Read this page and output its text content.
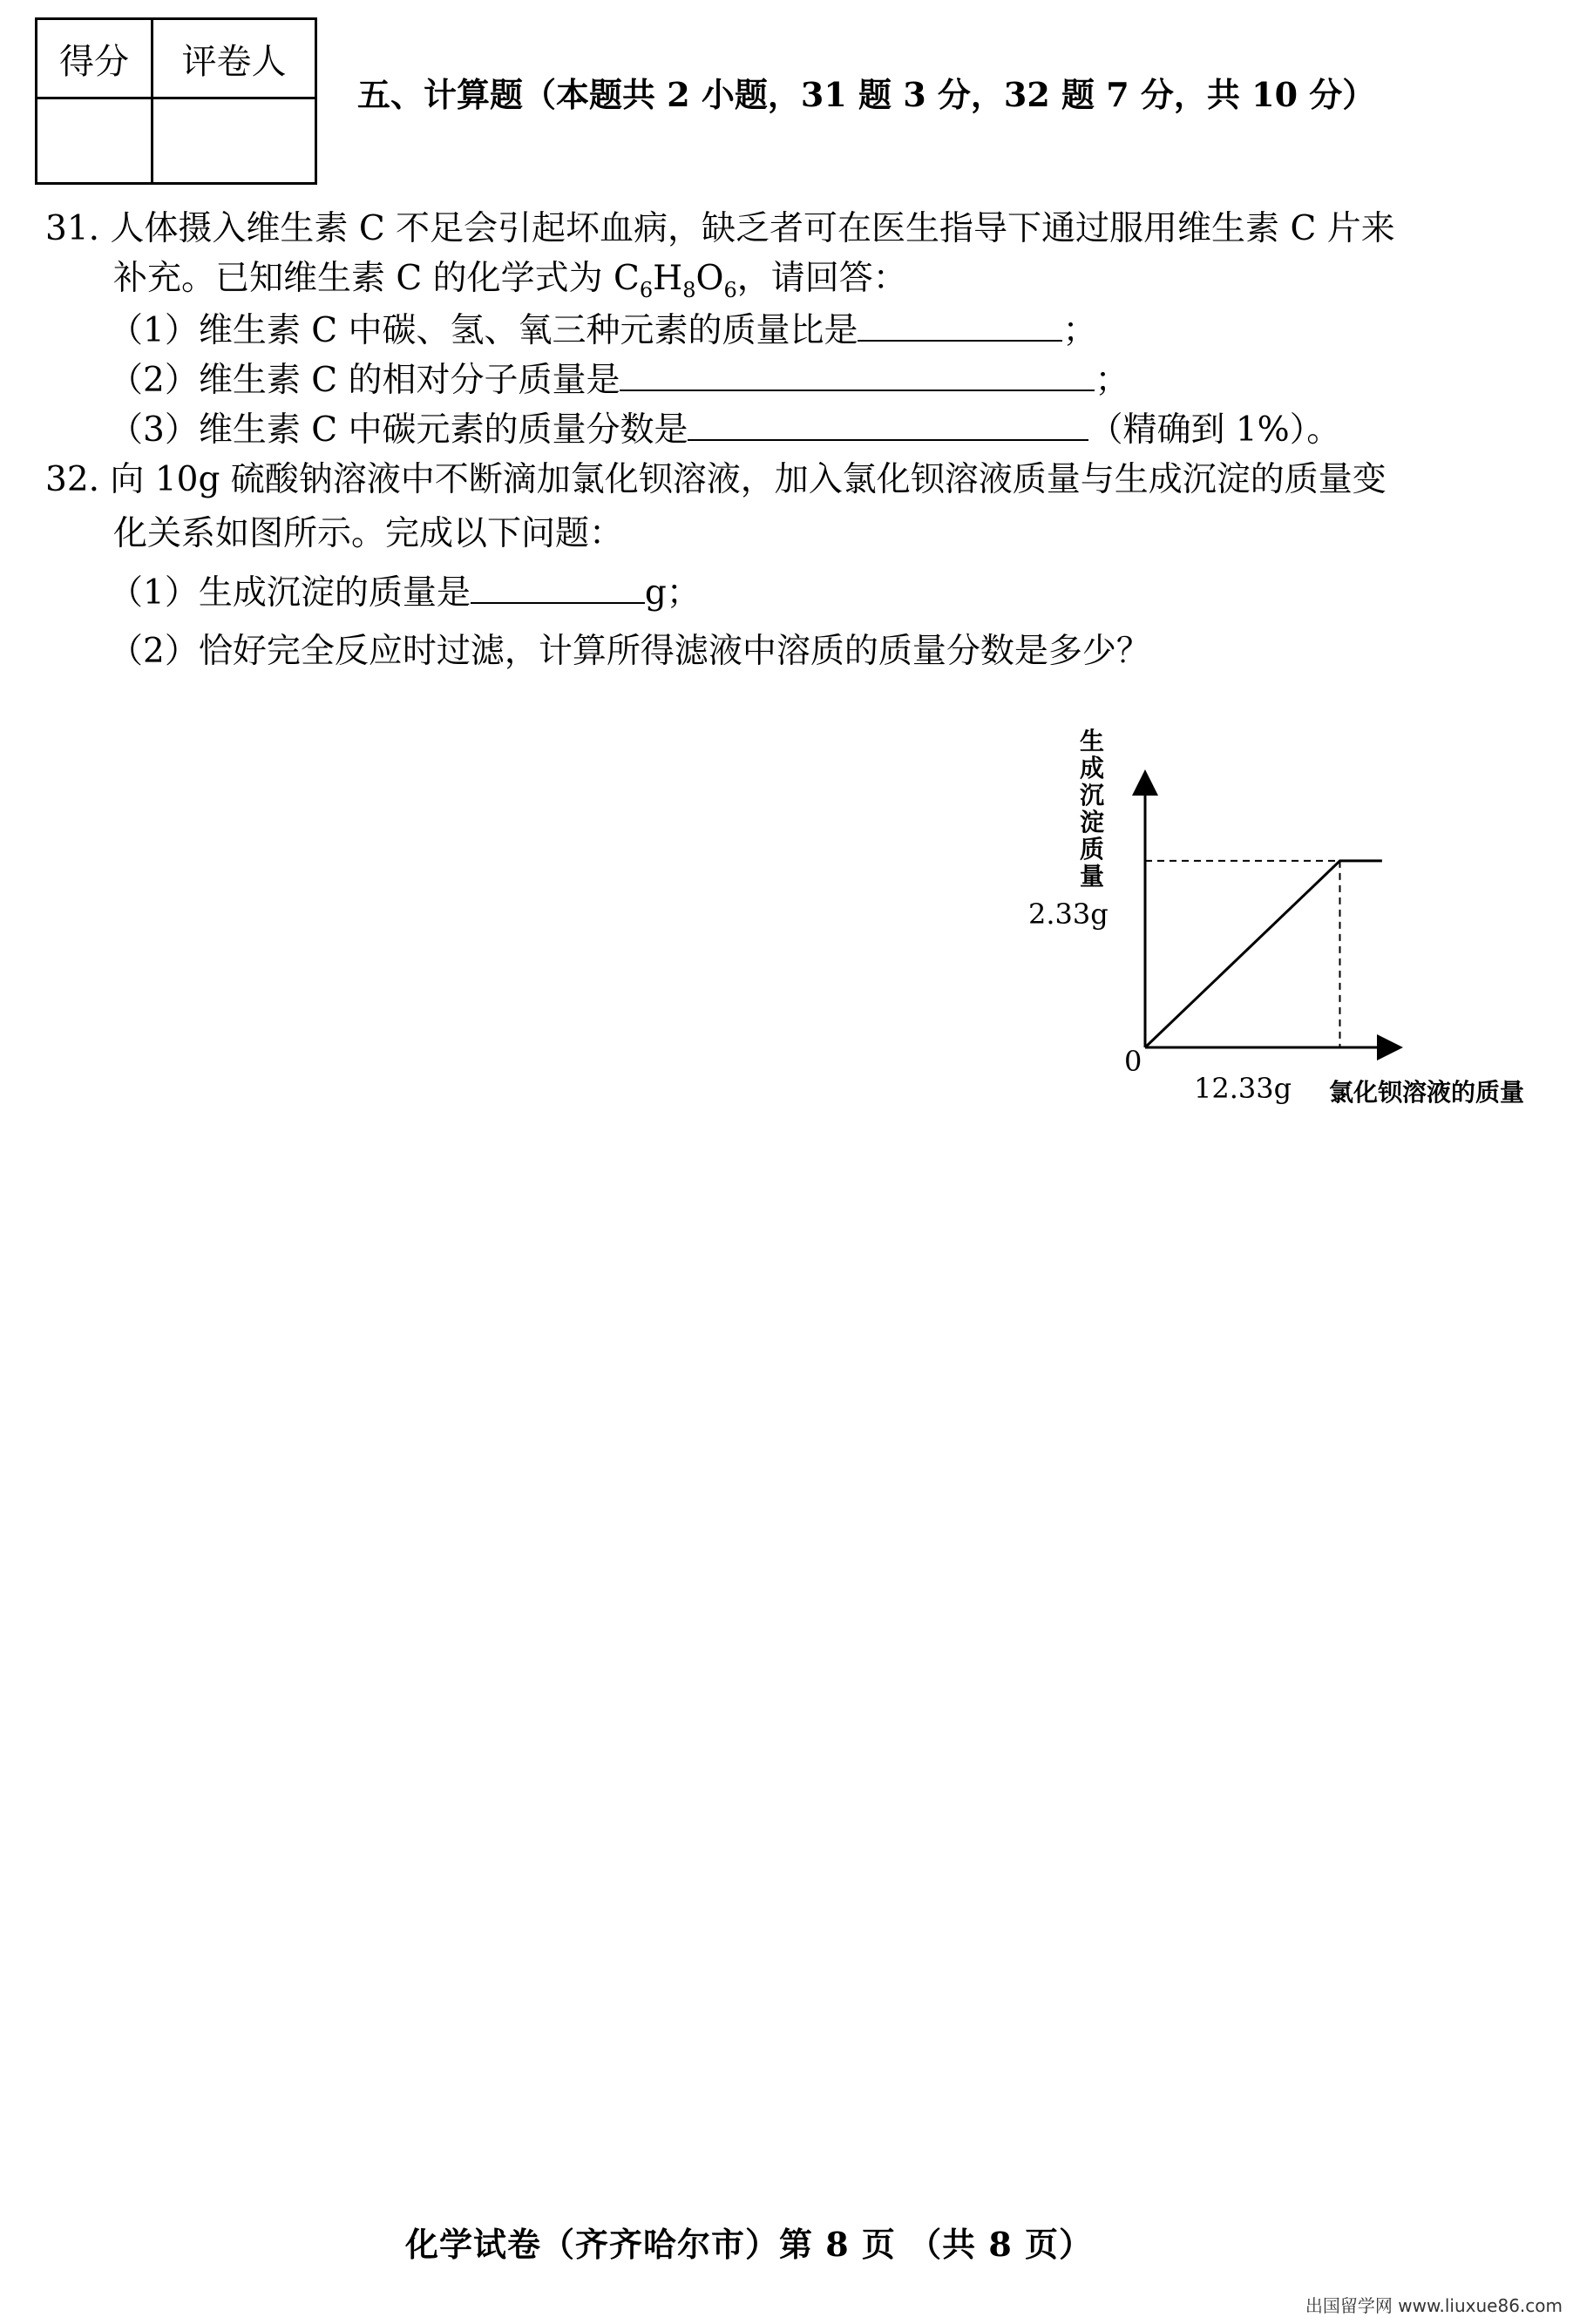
得分	评卷人

五、计算题（本题共 2 小题，31 题 3 分，32 题 7 分，共 10 分）
31. 人体摄入维生素 C 不足会引起坏血病，缺乏者可在医生指导下通过服用维生素 C 片来
补充。已知维生素 C 的化学式为 $C_6H_8O_6$，请回答：
（1）维生素 C 中碳、氢、氧三种元素的质量比是	；
（2）维生素 C 的相对分子质量是	；
（3）维生素 C 中碳元素的质量分数是	（精确到 1%）。
32. 向 10g 硫酸钠溶液中不断滴加氯化钡溶液，加入氯化钡溶液质量与生成沉淀的质量变
化关系如图所示。完成以下问题：
（1）生成沉淀的质量是	g；
（2）恰好完全反应时过滤，计算所得滤液中溶质的质量分数是多少？
生成沉淀质量
2.33g
0
12.33g 氯化钡溶液的质量
化学试卷（齐齐哈尔市）第 8 页 （共 8 页）
出国留学网 www.liuxue86.com
